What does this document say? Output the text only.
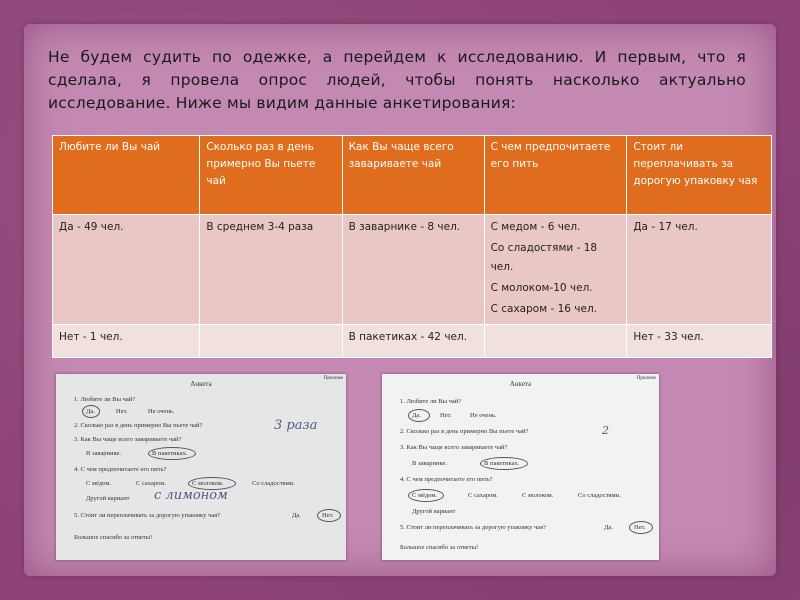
Не будем судить по одежке, а перейдем к исследованию. И первым, что я сделала, я провела опрос людей, чтобы понять насколько актуально исследование. Ниже мы видим данные анкетирования:

Любите ли Вы чай	Сколько раз в день примерно Вы пьете чай	Как Вы чаще всего завариваете чай	С чем предпочитаете его пить	Стоит ли переплачивать за дорогую упаковку чая
Да - 49 чел.	В среднем 3-4 раза	В заварнике - 8 чел.	С медом - 6 чел.
Со сладостями - 18 чел.
С молоком-10 чел.
С сахаром - 16 чел.	Да - 17 чел.
Нет - 1 чел.		В пакетиках - 42 чел.		Нет - 33 чел.
Приложе
Анкета
1. Любите ли Вы чай?
Да.	Нет.	Не очень.
2. Сколько раз в день примерно Вы пьете чай?	3 раза
3. Как Вы чаще всего завариваете чай?
В заварнике.	В пакетиках.
4. С чем предпочитаете его пить?
С мёдом.	С сахаром.	С молоком.	Со сладостями.
Другой вариант с лимоном
5. Стоит ли переплачивать за дорогую упаковку чая?	Да.	Нет.
Большое спасибо за ответы!
Приложе
Анкета
1. Любите ли Вы чай?
Да.	Нет.	Не очень.
2. Сколько раз в день примерно Вы пьете чай?	2
3. Как Вы чаще всего завариваете чай?
В заварнике.	В пакетиках.
4. С чем предпочитаете его пить?
С мёдом.	С сахаром.	С молоком.	Со сладостями.
Другой вариант
5. Стоит ли переплачивать за дорогую упаковку чая?	Да.	Нет.
Большое спасибо за ответы!
